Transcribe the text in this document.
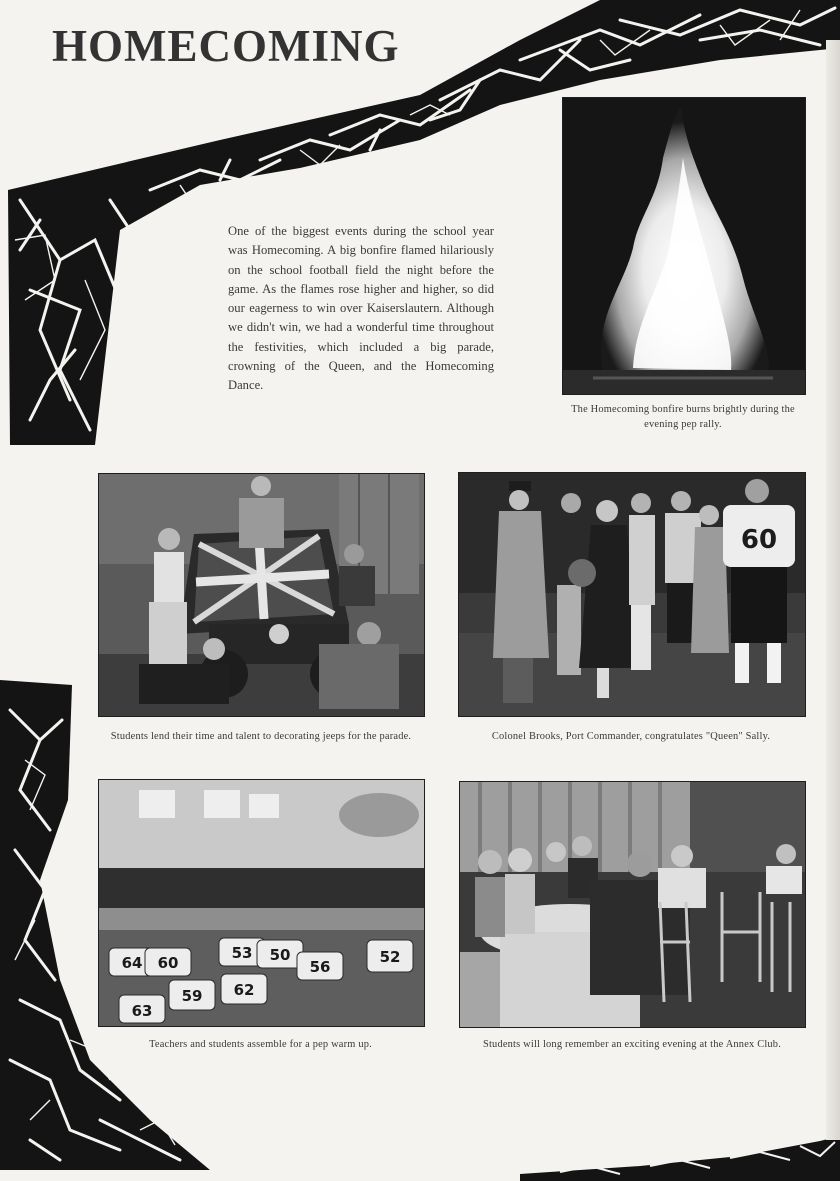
HOMECOMING

One of the biggest events during the school year was Homecoming. A big bonfire flamed hilariously on the school football field the night before the game. As the flames rose higher and higher, so did our eagerness to win over Kaiserslautern. Although we didn't win, we had a wonderful time throughout the festivities, which included a big parade, crowning of the Queen, and the Homecoming Dance.

The Homecoming bonfire burns brightly during the evening pep rally.

Students lend their time and talent to decorating jeeps for the parade.

60

Colonel Brooks, Port Commander, congratulates "Queen" Sally.

64 60
53 50
56
52
59 62
63

Teachers and students assemble for a pep warm up.	Students will long remember an exciting evening at the Annex Club.
